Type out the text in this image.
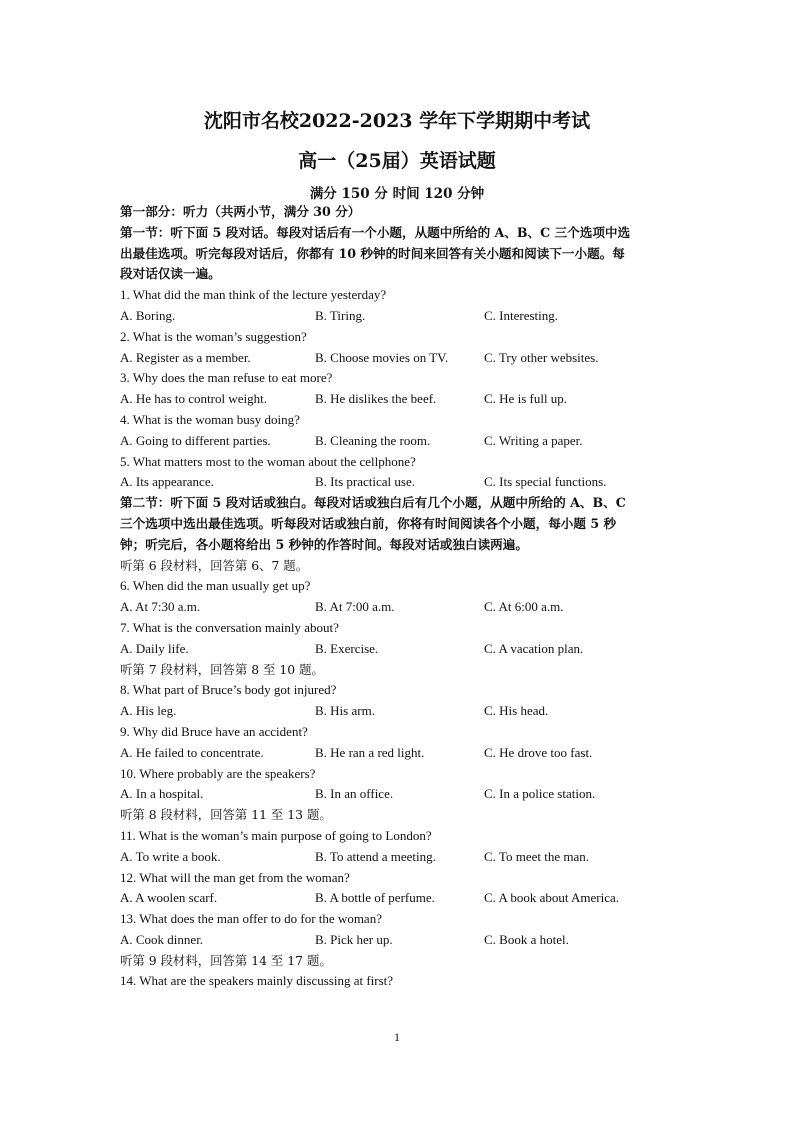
沈阳市名校2022-2023 学年下学期期中考试
高一（25届）英语试题
满分 150 分 时间 120 分钟
第一部分：听力（共两小节，满分 30 分）
第一节：听下面 5 段对话。每段对话后有一个小题，从题中所给的 A、B、C 三个选项中选
出最佳选项。听完每段对话后，你都有 10 秒钟的时间来回答有关小题和阅读下一小题。每
段对话仅读一遍。
1. What did the man think of the lecture yesterday?
A. Boring.	B. Tiring.	C. Interesting.
2. What is the woman’s suggestion?
A. Register as a member.	B. Choose movies on TV.	C. Try other websites.
3. Why does the man refuse to eat more?
A. He has to control weight.	B. He dislikes the beef.	C. He is full up.
4. What is the woman busy doing?
A. Going to different parties.	B. Cleaning the room.	C. Writing a paper.
5. What matters most to the woman about the cellphone?
A. Its appearance.	B. Its practical use.	C. Its special functions.
第二节：听下面 5 段对话或独白。每段对话或独白后有几个小题，从题中所给的 A、B、C
三个选项中选出最佳选项。听每段对话或独白前，你将有时间阅读各个小题，每小题 5 秒
钟；听完后，各小题将给出 5 秒钟的作答时间。每段对话或独白读两遍。
听第 6 段材料，回答第 6、7 题。
6. When did the man usually get up?
A. At 7:30 a.m.	B. At 7:00 a.m.	C. At 6:00 a.m.
7. What is the conversation mainly about?
A. Daily life.	B. Exercise.	C. A vacation plan.
听第 7 段材料，回答第 8 至 10 题。
8. What part of Bruce’s body got injured?
A. His leg.	B. His arm.	C. His head.
9. Why did Bruce have an accident?
A. He failed to concentrate.	B. He ran a red light.	C. He drove too fast.
10. Where probably are the speakers?
A. In a hospital.	B. In an office.	C. In a police station.
听第 8 段材料，回答第 11 至 13 题。
11. What is the woman’s main purpose of going to London?
A. To write a book.	B. To attend a meeting.	C. To meet the man.
12. What will the man get from the woman?
A. A woolen scarf.	B. A bottle of perfume.	C. A book about America.
13. What does the man offer to do for the woman?
A. Cook dinner.	B. Pick her up.	C. Book a hotel.
听第 9 段材料，回答第 14 至 17 题。
14. What are the speakers mainly discussing at first?
1
